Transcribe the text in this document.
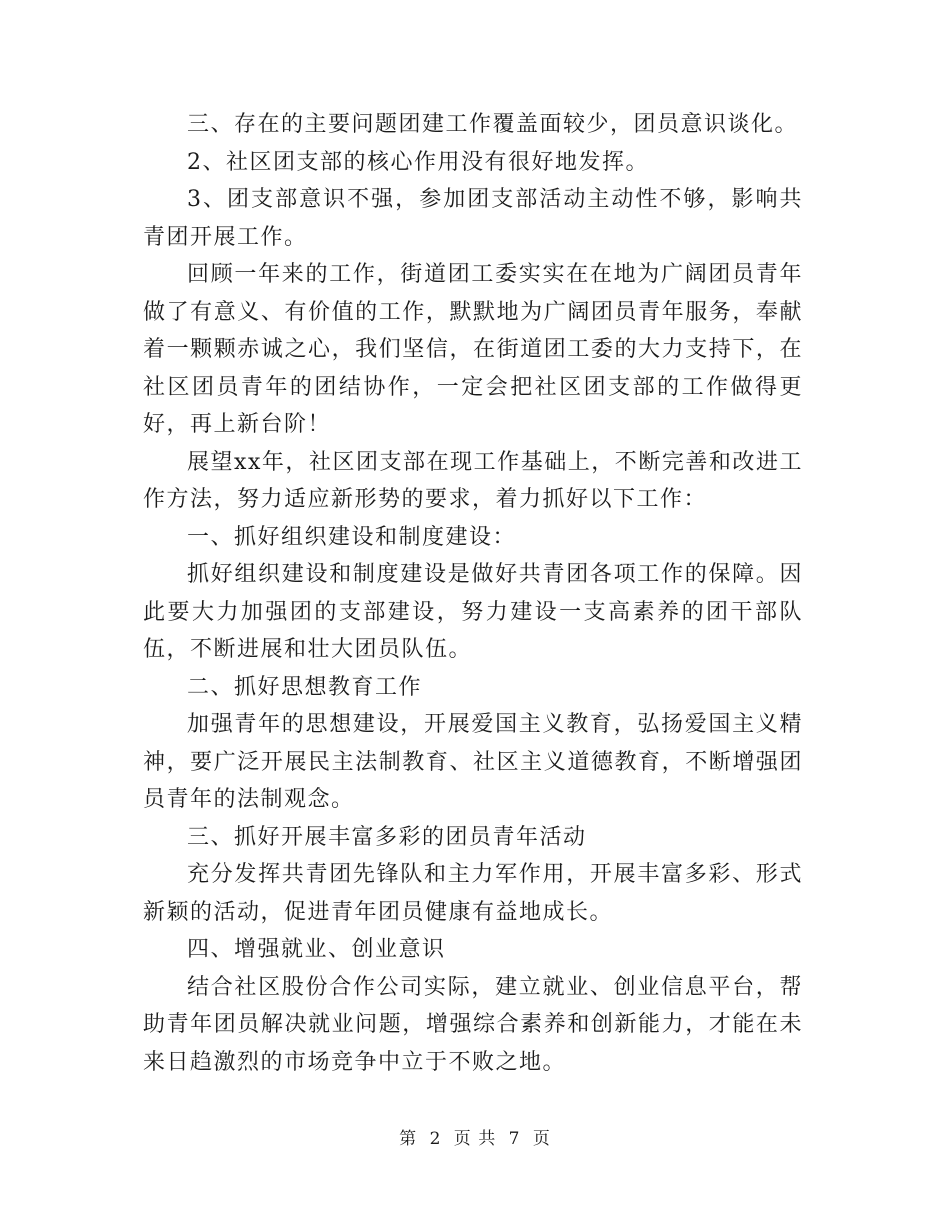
三、存在的主要问题团建工作覆盖面较少，团员意识谈化。

2、社区团支部的核心作用没有很好地发挥。

3、团支部意识不强，参加团支部活动主动性不够，影响共青团开展工作。

回顾一年来的工作，街道团工委实实在在地为广阔团员青年做了有意义、有价值的工作，默默地为广阔团员青年服务，奉献着一颗颗赤诚之心，我们坚信，在街道团工委的大力支持下，在社区团员青年的团结协作，一定会把社区团支部的工作做得更好，再上新台阶！

展望xx年，社区团支部在现工作基础上，不断完善和改进工作方法，努力适应新形势的要求，着力抓好以下工作：

一、抓好组织建设和制度建设：

抓好组织建设和制度建设是做好共青团各项工作的保障。因此要大力加强团的支部建设，努力建设一支高素养的团干部队伍，不断进展和壮大团员队伍。

二、抓好思想教育工作

加强青年的思想建设，开展爱国主义教育，弘扬爱国主义精神，要广泛开展民主法制教育、社区主义道德教育，不断增强团员青年的法制观念。

三、抓好开展丰富多彩的团员青年活动

充分发挥共青团先锋队和主力军作用，开展丰富多彩、形式新颖的活动，促进青年团员健康有益地成长。

四、增强就业、创业意识

结合社区股份合作公司实际，建立就业、创业信息平台，帮助青年团员解决就业问题，增强综合素养和创新能力，才能在未来日趋激烈的市场竞争中立于不败之地。

第 2 页 共 7 页
